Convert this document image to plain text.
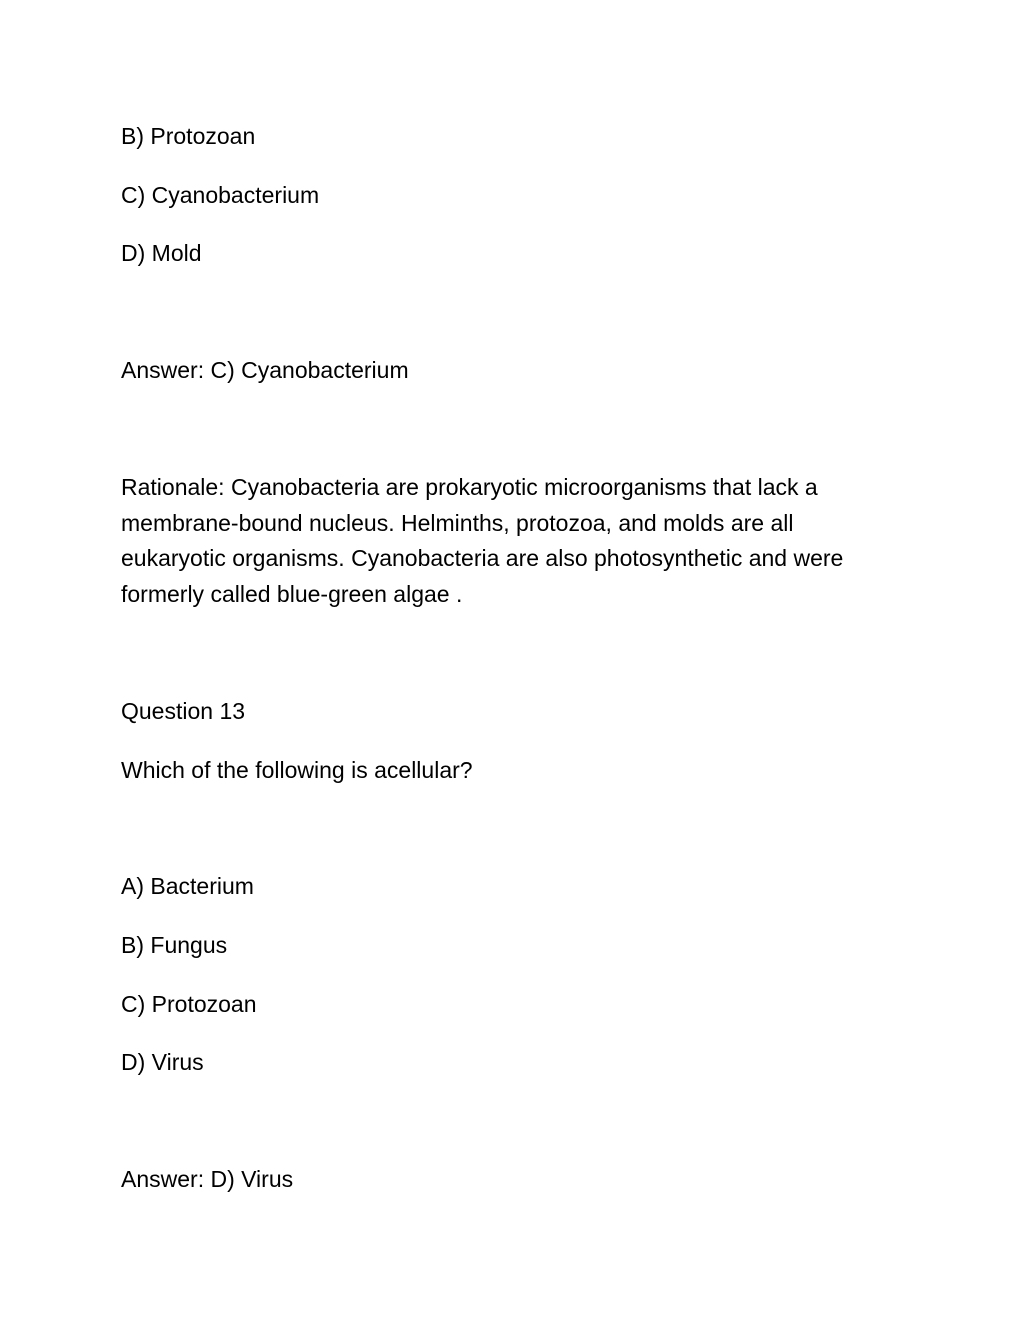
B) Protozoan

C) Cyanobacterium

D) Mold

Answer: C) Cyanobacterium

Rationale: Cyanobacteria are prokaryotic microorganisms that lack a
membrane-bound nucleus. Helminths, protozoa, and molds are all
eukaryotic organisms. Cyanobacteria are also photosynthetic and were
formerly called blue-green algae .

Question 13

Which of the following is acellular?

A) Bacterium

B) Fungus

C) Protozoan

D) Virus

Answer: D) Virus
